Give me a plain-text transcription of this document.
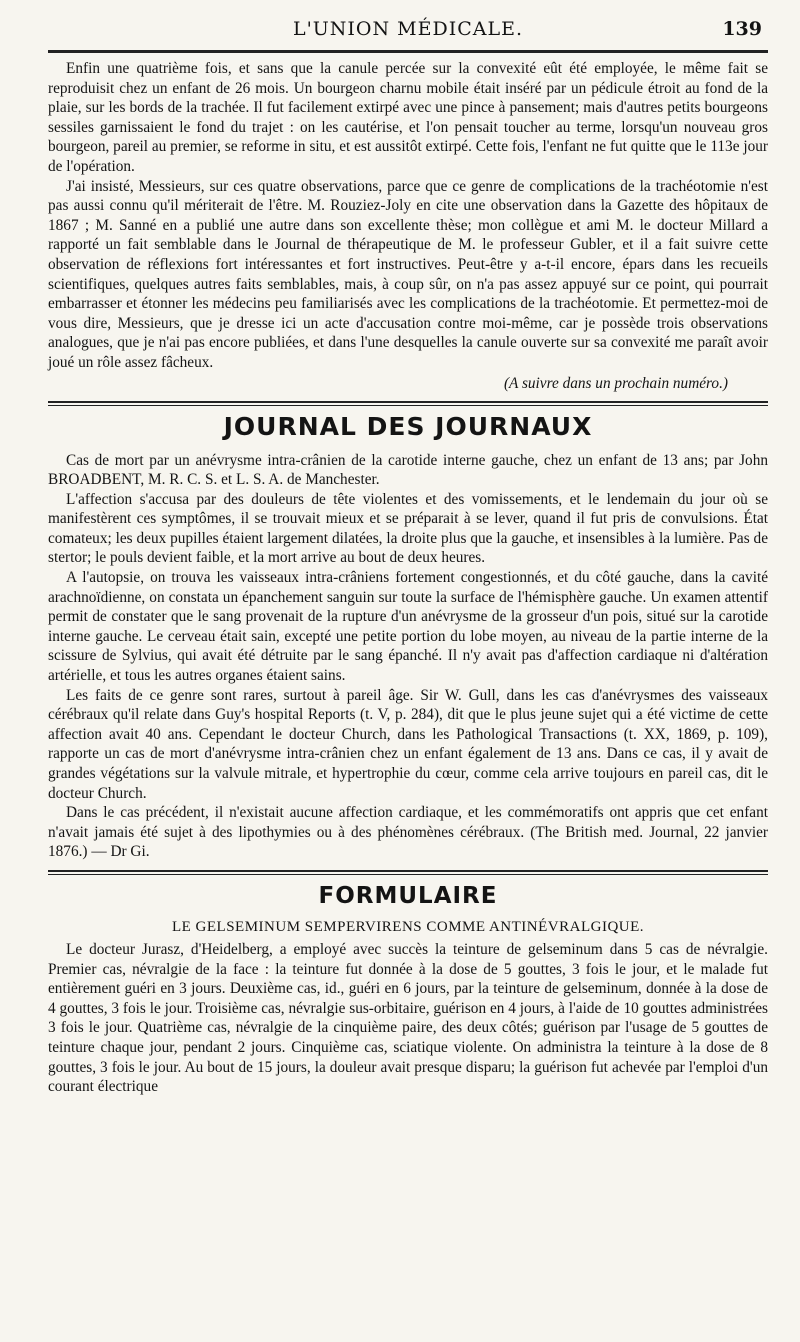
L'UNION MÉDICALE.	139

Enfin une quatrième fois, et sans que la canule percée sur la convexité eût été employée, le même fait se reproduisit chez un enfant de 26 mois. Un bourgeon charnu mobile était inséré par un pédicule étroit au fond de la plaie, sur les bords de la trachée. Il fut facilement extirpé avec une pince à pansement; mais d'autres petits bourgeons sessiles garnissaient le fond du trajet : on les cautérise, et l'on pensait toucher au terme, lorsqu'un nouveau gros bourgeon, pareil au premier, se reforme in situ, et est aussitôt extirpé. Cette fois, l'enfant ne fut quitte que le 113e jour de l'opération.

J'ai insisté, Messieurs, sur ces quatre observations, parce que ce genre de complications de la trachéotomie n'est pas aussi connu qu'il mériterait de l'être. M. Rouziez-Joly en cite une observation dans la Gazette des hôpitaux de 1867 ; M. Sanné en a publié une autre dans son excellente thèse; mon collègue et ami M. le docteur Millard a rapporté un fait semblable dans le Journal de thérapeutique de M. le professeur Gubler, et il a fait suivre cette observation de réflexions fort intéressantes et fort instructives. Peut-être y a-t-il encore, épars dans les recueils scientifiques, quelques autres faits semblables, mais, à coup sûr, on n'a pas assez appuyé sur ce point, qui pourrait embarrasser et étonner les médecins peu familiarisés avec les complications de la trachéotomie. Et permettez-moi de vous dire, Messieurs, que je dresse ici un acte d'accusation contre moi-même, car je possède trois observations analogues, que je n'ai pas encore publiées, et dans l'une desquelles la canule ouverte sur sa convexité me paraît avoir joué un rôle assez fâcheux.

(A suivre dans un prochain numéro.)
JOURNAL DES JOURNAUX

Cas de mort par un anévrysme intra-crânien de la carotide interne gauche, chez un enfant de 13 ans; par John BROADBENT, M. R. C. S. et L. S. A. de Manchester.

L'affection s'accusa par des douleurs de tête violentes et des vomissements, et le lendemain du jour où se manifestèrent ces symptômes, il se trouvait mieux et se préparait à se lever, quand il fut pris de convulsions. État comateux; les deux pupilles étaient largement dilatées, la droite plus que la gauche, et insensibles à la lumière. Pas de stertor; le pouls devient faible, et la mort arrive au bout de deux heures.

A l'autopsie, on trouva les vaisseaux intra-crâniens fortement congestionnés, et du côté gauche, dans la cavité arachnoïdienne, on constata un épanchement sanguin sur toute la surface de l'hémisphère gauche. Un examen attentif permit de constater que le sang provenait de la rupture d'un anévrysme de la grosseur d'un pois, situé sur la carotide interne gauche. Le cerveau était sain, excepté une petite portion du lobe moyen, au niveau de la partie interne de la scissure de Sylvius, qui avait été détruite par le sang épanché. Il n'y avait pas d'affection cardiaque ni d'altération artérielle, et tous les autres organes étaient sains.

Les faits de ce genre sont rares, surtout à pareil âge. Sir W. Gull, dans les cas d'anévrysmes des vaisseaux cérébraux qu'il relate dans Guy's hospital Reports (t. V, p. 284), dit que le plus jeune sujet qui a été victime de cette affection avait 40 ans. Cependant le docteur Church, dans les Pathological Transactions (t. XX, 1869, p. 109), rapporte un cas de mort d'anévrysme intra-crânien chez un enfant également de 13 ans. Dans ce cas, il y avait de grandes végétations sur la valvule mitrale, et hypertrophie du cœur, comme cela arrive toujours en pareil cas, dit le docteur Church.

Dans le cas précédent, il n'existait aucune affection cardiaque, et les commémoratifs ont appris que cet enfant n'avait jamais été sujet à des lipothymies ou à des phénomènes cérébraux. (The British med. Journal, 22 janvier 1876.) — Dr Gi.

FORMULAIRE
LE GELSEMINUM SEMPERVIRENS COMME ANTINÉVRALGIQUE.

Le docteur Jurasz, d'Heidelberg, a employé avec succès la teinture de gelseminum dans 5 cas de névralgie. Premier cas, névralgie de la face : la teinture fut donnée à la dose de 5 gouttes, 3 fois le jour, et le malade fut entièrement guéri en 3 jours. Deuxième cas, id., guéri en 6 jours, par la teinture de gelseminum, donnée à la dose de 4 gouttes, 3 fois le jour. Troisième cas, névralgie sus-orbitaire, guérison en 4 jours, à l'aide de 10 gouttes administrées 3 fois le jour. Quatrième cas, névralgie de la cinquième paire, des deux côtés; guérison par l'usage de 5 gouttes de teinture chaque jour, pendant 2 jours. Cinquième cas, sciatique violente. On administra la teinture à la dose de 8 gouttes, 3 fois le jour. Au bout de 15 jours, la douleur avait presque disparu; la guérison fut achevée par l'emploi d'un courant électrique
